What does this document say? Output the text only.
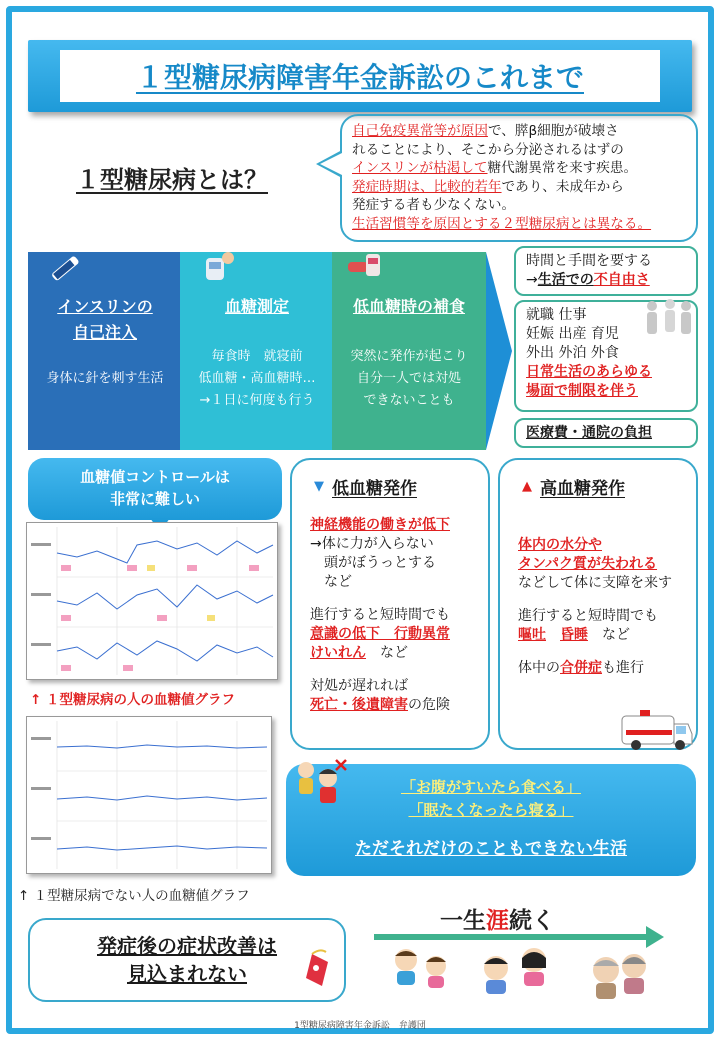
１型糖尿病障害年金訴訟のこれまで
１型糖尿病とは？
自己免疫異常等が原因で、膵β細胞が破壊さ
れることにより、そこから分泌されるはずの
インスリンが枯渇して糖代謝異常を来す疾患。
発症時期は、比較的若年であり、未成年から
発症する者も少なくない。
生活習慣等を原因とする２型糖尿病とは異なる。
インスリンの
自己注入
身体に針を刺す生活
血糖測定
毎食時　就寝前
低血糖・高血糖時…
→１日に何度も行う
低血糖時の補食
突然に発作が起こり
自分一人では対処
できないことも
時間と手間を要する
→生活での不自由さ
就職 仕事
妊娠 出産 育児
外出 外泊 外食
日常生活のあらゆる
場面で制限を伴う
医療費・通院の負担
血糖値コントロールは
非常に難しい
↑ １型糖尿病の人の血糖値グラフ
↑ １型糖尿病でない人の血糖値グラフ
▼ 低血糖発作
神経機能の働きが低下
→体に力が入らない
　頭がぼうっとする
　など
進行すると短時間でも
意識の低下　行動異常
けいれん　など
対処が遅れれば
死亡・後遺障害の危険
▲ 高血糖発作
体内の水分や
タンパク質が失われる
などして体に支障を来す
進行すると短時間でも
嘔吐　 昏睡　 など
体中の合併症も進行
「お腹がすいたら食べる」
「眠たくなったら寝る」
ただそれだけのこともできない生活
一生涯続く
発症後の症状改善は
見込まれない
1型糖尿病障害年金訴訟　弁護団
